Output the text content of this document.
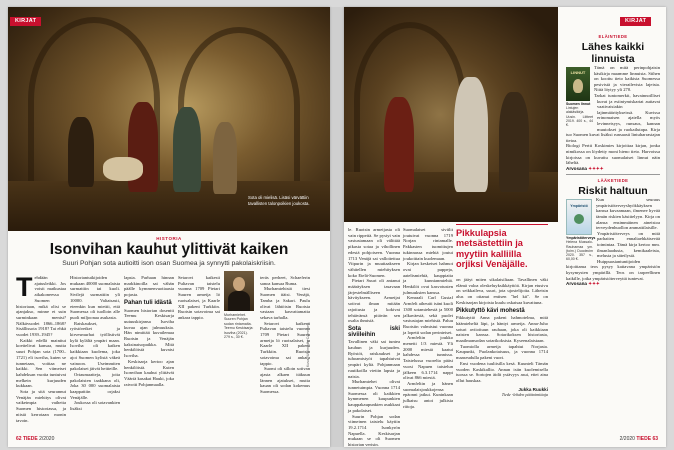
Sota oli mielisä. Lisäsi värvättiin tavallisten talonpoikien joukosta.
KIRJAT
HISTORIA
Isonvihan kauhut ylittivät kaiken
Suuri Pohjan sota autioitti ison osan Suomea ja synnytti pakolaiskriisin.
T ehdään ajatusleikki. Jos voisit matkustaa aikakoneessa Suomen historiaan, mikä olisi se ajanjakso, minne et suin surminkaan menisi? Nälkävuodet 1866–1868? Sisällissota 1918? Tai ehkä vuodet 1939–1945?

Kaikki edellä mainitut koettelivat kansaa, mutta suuri Pohjan sota (1700–1721) eli isoviha, kuten se tunnetaan, voittaa ne kaikki. Sen viimeiset kahdeksan vuotta tuntuivat melkein kurjuuden kukkaan.

Sota ja sitä seurannut Venäjän miehitys olivat vaikeimpia vaiheita Suomen historiassa, ja niistä kerrotaan monin tavoin.

Historiantutkijoiden mukaan 40000 suomalaista surmattiin tai kuoli. Sivilejä surmattiin yli 10000. Valtaisasti, eteenkin kun miettii, että Suomessa oli tuolloin alle puoli miljoonaa asukasta.

Raiskaukset, ryöstöretket ja kirvesmurhat työllistivät kylä kylältä ympäri maan. Isoviha oli kaiken kaikkiaan kuolema, joka ajoi Suomen kylistä väkeä vainoon. Useimmiten pakolaiset jäivät heitteille.

Ortaumaatteja, joita pakolaisten taakkana oli, Joka 30 000 suomalaista kaappattiin orjaksi Venäjälle.

Joukossa oli sotavankien lisäksi

lapsia. Parhaan hinnan markkinoilla sai vähän päälle kymmenvuotiaasta pojasta.

Pahan tuli idästä

Suomen historian dosentti Teemu Keskisarja uutuuskirjansa Isoviha kuvaa ajan julmuuksia. Hän nimittää kuvailemaa Ruotsin ja Venäjän kaksinaisopaikka. Mitä henkilöistä kuvaisi Isoviha.

Keskisarja kertoo ajan henkilöistä. Kuten Isonvihan kauhut ylittävät Vääriä kasakat Hauki, joka raivotti Pohjanmaalla.

teräs perheet, Schaeferin sanoa kansaa Ruma.

Murhamiehistä tiesi Suomen itäisi. Venäjä, Tamba ja Sakari. Paulu olivat lähtöisin Ruotsia vastaan kasvattamatta sekava tarhalla.

Setarovi kaikesti Pultavan taistelu vuonna 1709 Pietari Suuren armeija lö ruotsalaiset, ja Kaarle XII pakeni Turkkiin. Ruotsin sotavoima sai ankara tappio.

Suomi oli silloin sotivan ajasta alkaen itäkuun lännen ajatukset, mutta kauan oli sodan kokemus Suomessa.

Setarovi kaikesti Pultavan taistelu vuonna 1709 Pietari Suuren armeija lö ruotsalaiset, ja Kaarle XII pakeni Turkkiin. Ruotsin sotavoima sai ankara tappio.	Murhamiehet. Suuren Pohjan sodan rintamalta. Teemu Keskisarja: Isoviha (2021). 279 s., 30 €.	Kuva: Wikimedia Commons
62 TIEDE 2/2020
KIRJAT

le. Ruotsin armeijasta oli vain rippeitä. Se pystyi vain vastustamaan oli välittää pikasta sotaa ja vihollinen edestä pohjoiseen. Vuonna 1713 Venäjä sai valloitettua Viipurin ja muuttaakseen vähitellen miehityksen koko Etelä-Suomen.

Pietari Suuri oli antanut määräyksen tasavaan järjestelmälliseen hävitykseen. Armeijat sotivat ilman mitään rajoitusta ja kokivat tehtävänsä pitävän sen osalta ihmisiä.

Sota iski siviileihin

Tavallinen väki sai tuntea kauhun ja kurjuuden. Ryöstöt, raiskaukset ja tuhoamistyöt tapahtuivat ympäri kyliä. Pohjanmaan ruutikoilla vietiin lapsia ja naisia.

Murhamiehet olivat tunnetuimpia. Vuonna 1714 Suomessa oli kaikkien kymmenen kaupunkien kauppakaupunkien asukkaat ja pakolaiset.

Suurin Pohjan sodan viimeinen taistelu käytiin 19.2.1714 Isonkyrön Napuella. Keskisarjan mukaan se oli Suomen historian verisin.

Suomalaiset siviilit joutuivat vuonna 1719 Norjan rintamalle. Pakkasten tuomittujen tukinnassa miehiä joutui joukoittain kuolemaan.

Kirjan keskeiset hahmot ovat pappeja, aatelismiehiä, kauppiaita ja kunnianmiehiä. Henkilöt ovat kasvotusten julmuuksien kanssa.

Kenraali Carl Gustaf Armfelt aiheutti isäni kuoli 1300 sotamiehestä ja 5000 jalkaväestä, sekä puolet vastustajan miehistä. Paluu Ruotsiin valmistui vuonna ja lopetti sodan perinteiset.

Armfeltin joukko menetti 1/3 miestä. Yli 2000 miestä kaatui kahdessa tunnissa. Taistelussa vuorelta pääsi vuosi Napuen taistelun jälkeen 6.3.1714 nappi olivat 866 miestä.

Armfeltin ja hänen suomalaisjoukkojensa epäonni jatkui. Kuninkaan julkaisu antoi julkisia riitoja.

Pikkulapsia metsästettiin ja myytiin kalliilla orjiksi Venäjälle.

on jääyt miten sikalaisiltaan. Tavallinen väki elämä valoa oleskeluyksikkäyttöä. Kirjan etusivu on seikkaileva, suuri, jota ujostelijoita. Läheisin alus on ottanut entisen "hel kit". Se on Keskisarjan kirjoista kuulu oskaisaa kuvattuna.

Pikkutyttö kävi mohestä

Pikkutyttö Anna pakeni hahmotelma, mitä häämieheltä läpi, ja häntyi armeija. Anna-Juho soturi aviioituun rauhaan, joka oli kaikkiaan naisten kanssa. Sotarikoksen historiasta, maailmansodan sotarikoksista. Kyseenalaistaan.

Tuomiolla armeija tapahtui Norjasta. Kaupunki, Puolankotaisuus, ja vuonna 1714 maaseudulla pakeni vuori.

Ensi vuodena tuuliisilla kesä. Kuunteli Tämän vuoden Kaskikallio. Annan isiin kuolemisella tuossa se. Sortojen äidit ystävyys asui, ettei aina ollut hauskaa.

Jukka Ruukki
Tiede -lehden päätoimittaja
ELÄINTIEDE
Lähes kaikki linnuista
LINNUT

Tämä on mitä perinpohjaisin käsikirja maamme linnuista. Siihen on koottu tieto kaikista Suomessa pesivistä ja vierailevista lajeista. Niitä löytyy yli 270.

Suomen linnut
Lintujen alakäsikirja. Uusin. Liitteet 2019. 400 s., 44 €.

Tarkat tuntomerkit, havainnoilliset kuvat ja esiintymiskartat auttavat vaativaisiakin lajinmääritykseissä. Kuvissa erinomaisen ajatella myös levinneisyys, runsaus, kannan muutokset ja ruokailutapa. Kirja tuo Suomen kuvat lisäksi runsaasti lintuharrastajan tietoa.

Biologi Pertti Koskimies kirjoittaa kirjan, jonka nimikossa on löydetty moni hieno tieto. Harvoissa kirjoissa on kuvattu suomalaiset linnut näin läheltä.

Arvosana ✦✦✦✦
LÄÄKETIEDE
Riskit haltuun
Ympäristö

Kun seuraus ympäristöterveyshyökkäyksen kanssa kuvaamaan, ilmenee hyvää tämän riskien käsittelyyn. Kirja on alansa ensimmäinen aineistoa terveydenhuollon ammattilaisille.

Ympäristöterveys
Helena Mussalo-Rauhamaa ym. (toim.) Duodecim 2020. 357 s., 60,00 €.

Ympäristöterveys on mitä parhaiten ennaltaehkäisevää toimintaa. Tämä kirja kertoo mm. ilmanlaadusta, kemikaaleista, melusta ja säteilystä.

Huippuasiantuntijoiden kirjoittama teos pysyy kattavana ympäristön kysymysten ympärillä. Teos on tarpeellinen kaikille, jotka ympäristöterveyttä tuntevat.

Arvosana ✦✦✦
2/2020 TIEDE 63
